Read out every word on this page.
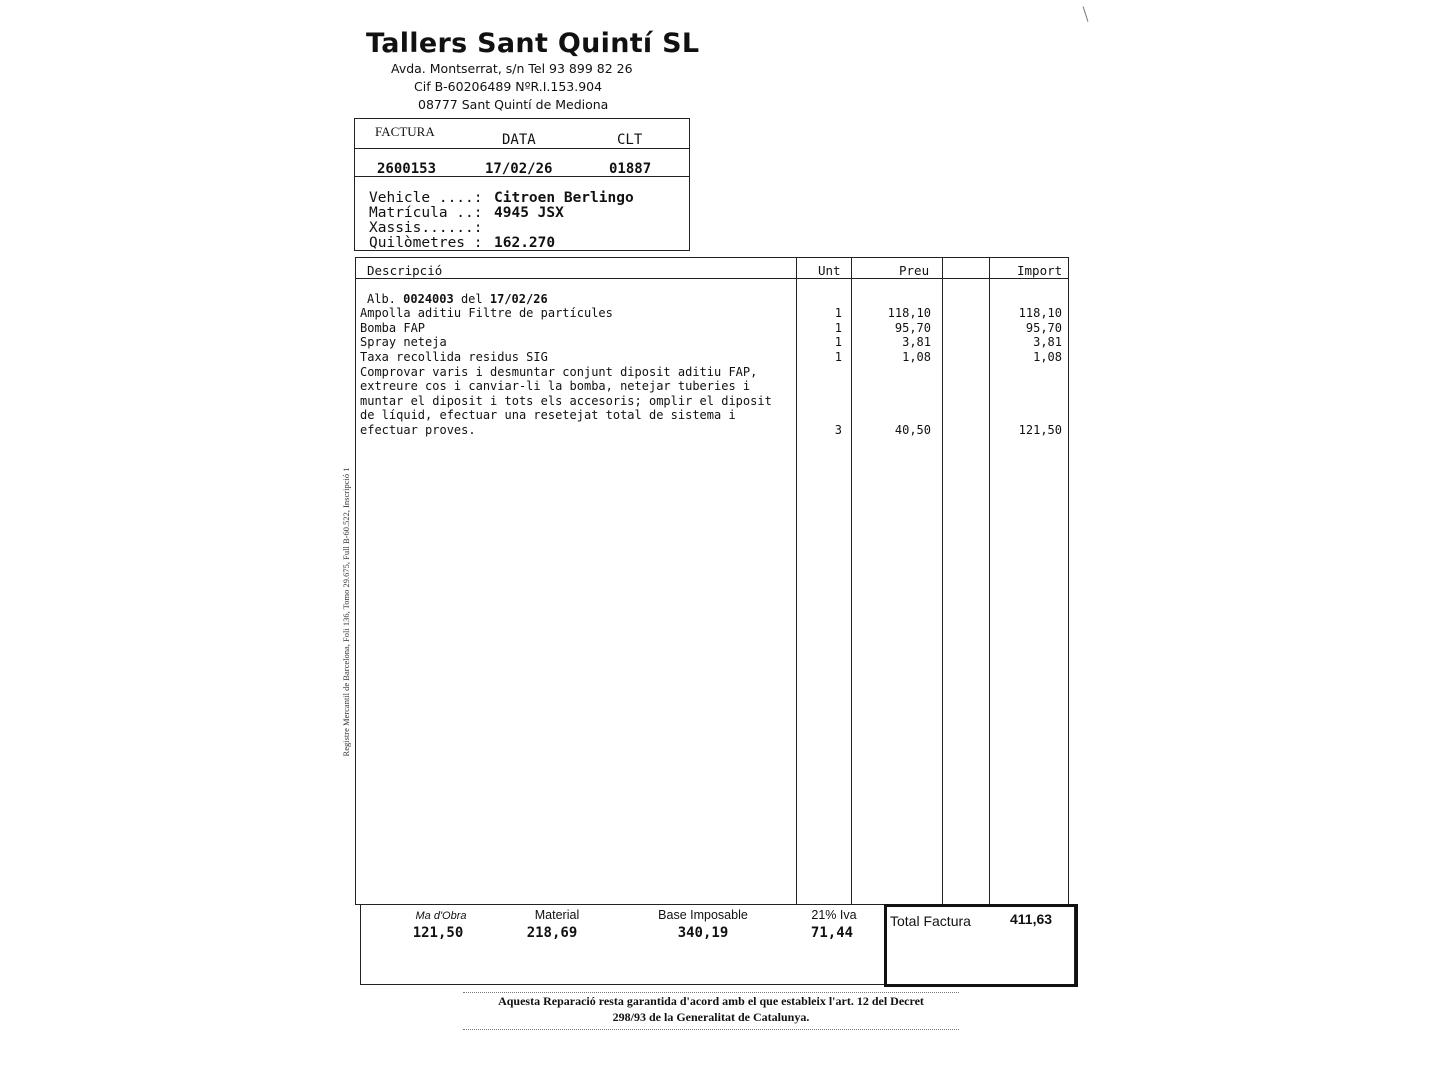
Tallers Sant Quintí SL
Avda. Montserrat, s/n Tel 93 899 82 26
Cif B-60206489 NºR.I.153.904
08777 Sant Quintí de Mediona
FACTURA
DATA	CLT
2600153	17/02/26	01887
Vehicle ....: Citroen Berlingo
Matrícula ..: 4945 JSX
Xassis......:
Quilòmetres : 162.270
Descripció	Unt	Preu	Import
Alb. 0024003 del 17/02/26
Ampolla aditiu Filtre de partícules	1	118,10	118,10
Bomba FAP	1	95,70	95,70
Spray neteja	1	3,81	3,81
Taxa recollida residus SIG	1	1,08	1,08
Comprovar varis i desmuntar conjunt diposit aditiu FAP,
extreure cos i canviar-li la bomba, netejar tuberies i
muntar el diposit i tots els accesoris; omplir el diposit
de líquid, efectuar una resetejat total de sistema i
efectuar proves.	3	40,50	121,50
Registre Mercantil de Barcelona, Foli 136, Tomo 29.675, Full B-60.522, Inscripció 1
Ma d'Obra
121,50
Material
218,69
Base Imposable
340,19
21% Iva
71,44
Total Factura	411,63
Aquesta Reparació resta garantida d'acord amb el que estableix l'art. 12 del Decret
298/93 de la Generalitat de Catalunya.
